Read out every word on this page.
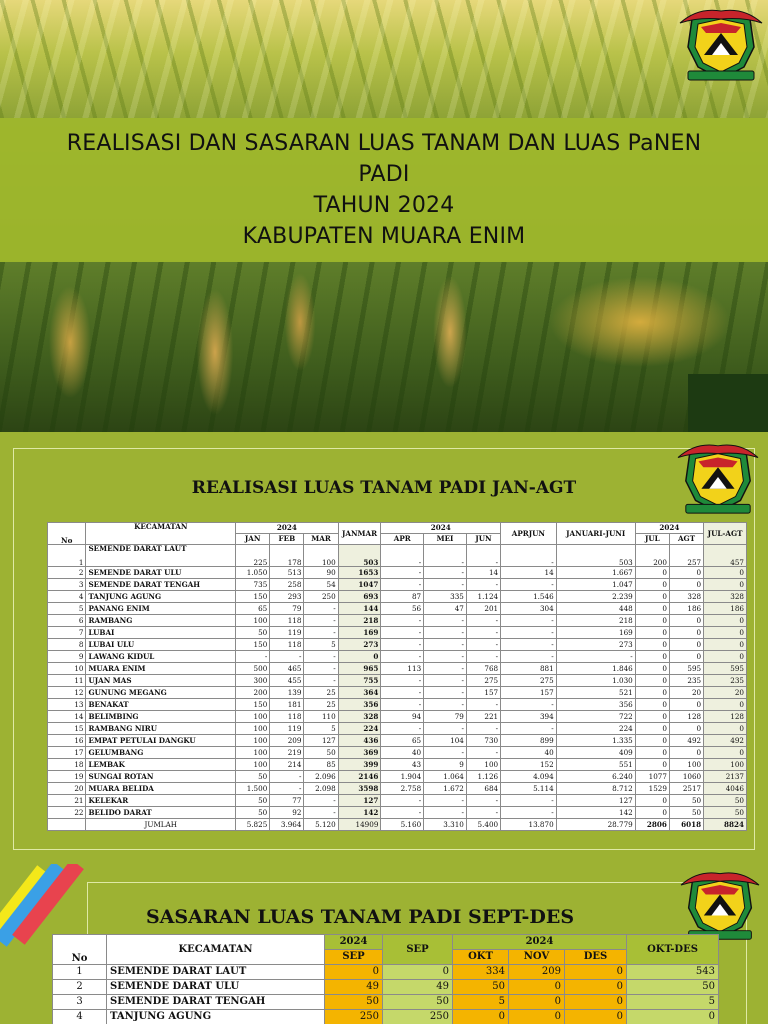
REALISASI DAN SASARAN LUAS TANAM DAN LUAS PaNEN
PADI
TAHUN 2024
KABUPATEN MUARA ENIM
REALISASI LUAS TANAM PADI JAN-AGT
No	KECAMATAN	2024			JANMAR	2024			APRJUN	JANUARI-JUNI	2024		JUL-AGT
		JAN	FEB	MAR		APR	MEI	JUN			JUL	AGT	
1	SEMENDE DARAT LAUT	225	178	100	503	-	-	-	-	503	200	257	457
2	SEMENDE DARAT ULU	1.050	513	90	1653	-	-	14	14	1.667	0	0	0
3	SEMENDE DARAT TENGAH	735	258	54	1047	-	-	-	-	1.047	0	0	0
4	TANJUNG AGUNG	150	293	250	693	87	335	1.124	1.546	2.239	0	328	328
5	PANANG ENIM	65	79	-	144	56	47	201	304	448	0	186	186
6	RAMBANG	100	118	-	218	-	-	-	-	218	0	0	0
7	LUBAI	50	119	-	169	-	-	-	-	169	0	0	0
8	LUBAI ULU	150	118	5	273	-	-	-	-	273	0	0	0
9	LAWANG KIDUL	-	-	-	0	-	-	-	-	-	0	0	0
10	MUARA ENIM	500	465	-	965	113	-	768	881	1.846	0	595	595
11	UJAN MAS	300	455	-	755	-	-	275	275	1.030	0	235	235
12	GUNUNG MEGANG	200	139	25	364	-	-	157	157	521	0	20	20
13	BENAKAT	150	181	25	356	-	-	-	-	356	0	0	0
14	BELIMBING	100	118	110	328	94	79	221	394	722	0	128	128
15	RAMBANG NIRU	100	119	5	224	-	-	-	-	224	0	0	0
16	EMPAT PETULAI DANGKU	100	209	127	436	65	104	730	899	1.335	0	492	492
17	GELUMBANG	100	219	50	369	40	-	-	40	409	0	0	0
18	LEMBAK	100	214	85	399	43	9	100	152	551	0	100	100
19	SUNGAI ROTAN	50	-	2.096	2146	1.904	1.064	1.126	4.094	6.240	1077	1060	2137
20	MUARA BELIDA	1.500	-	2.098	3598	2.758	1.672	684	5.114	8.712	1529	2517	4046
21	KELEKAR	50	77	-	127	-	-	-	-	127	0	50	50
22	BELIDO DARAT	50	92	-	142	-	-	-	-	142	0	50	50
	JUMLAH	5.825	3.964	5.120	14909	5.160	3.310	5.400	13.870	28.779	2806	6018	8824
SASARAN LUAS TANAM PADI SEPT-DES
No	KECAMATAN	2024	SEP	2024			OKT-DES
		SEP		OKT	NOV	DES	
1	SEMENDE DARAT LAUT	0	0	334	209	0	543
2	SEMENDE DARAT ULU	49	49	50	0	0	50
3	SEMENDE DARAT TENGAH	50	50	5	0	0	5
4	TANJUNG AGUNG	250	250	0	0	0	0
